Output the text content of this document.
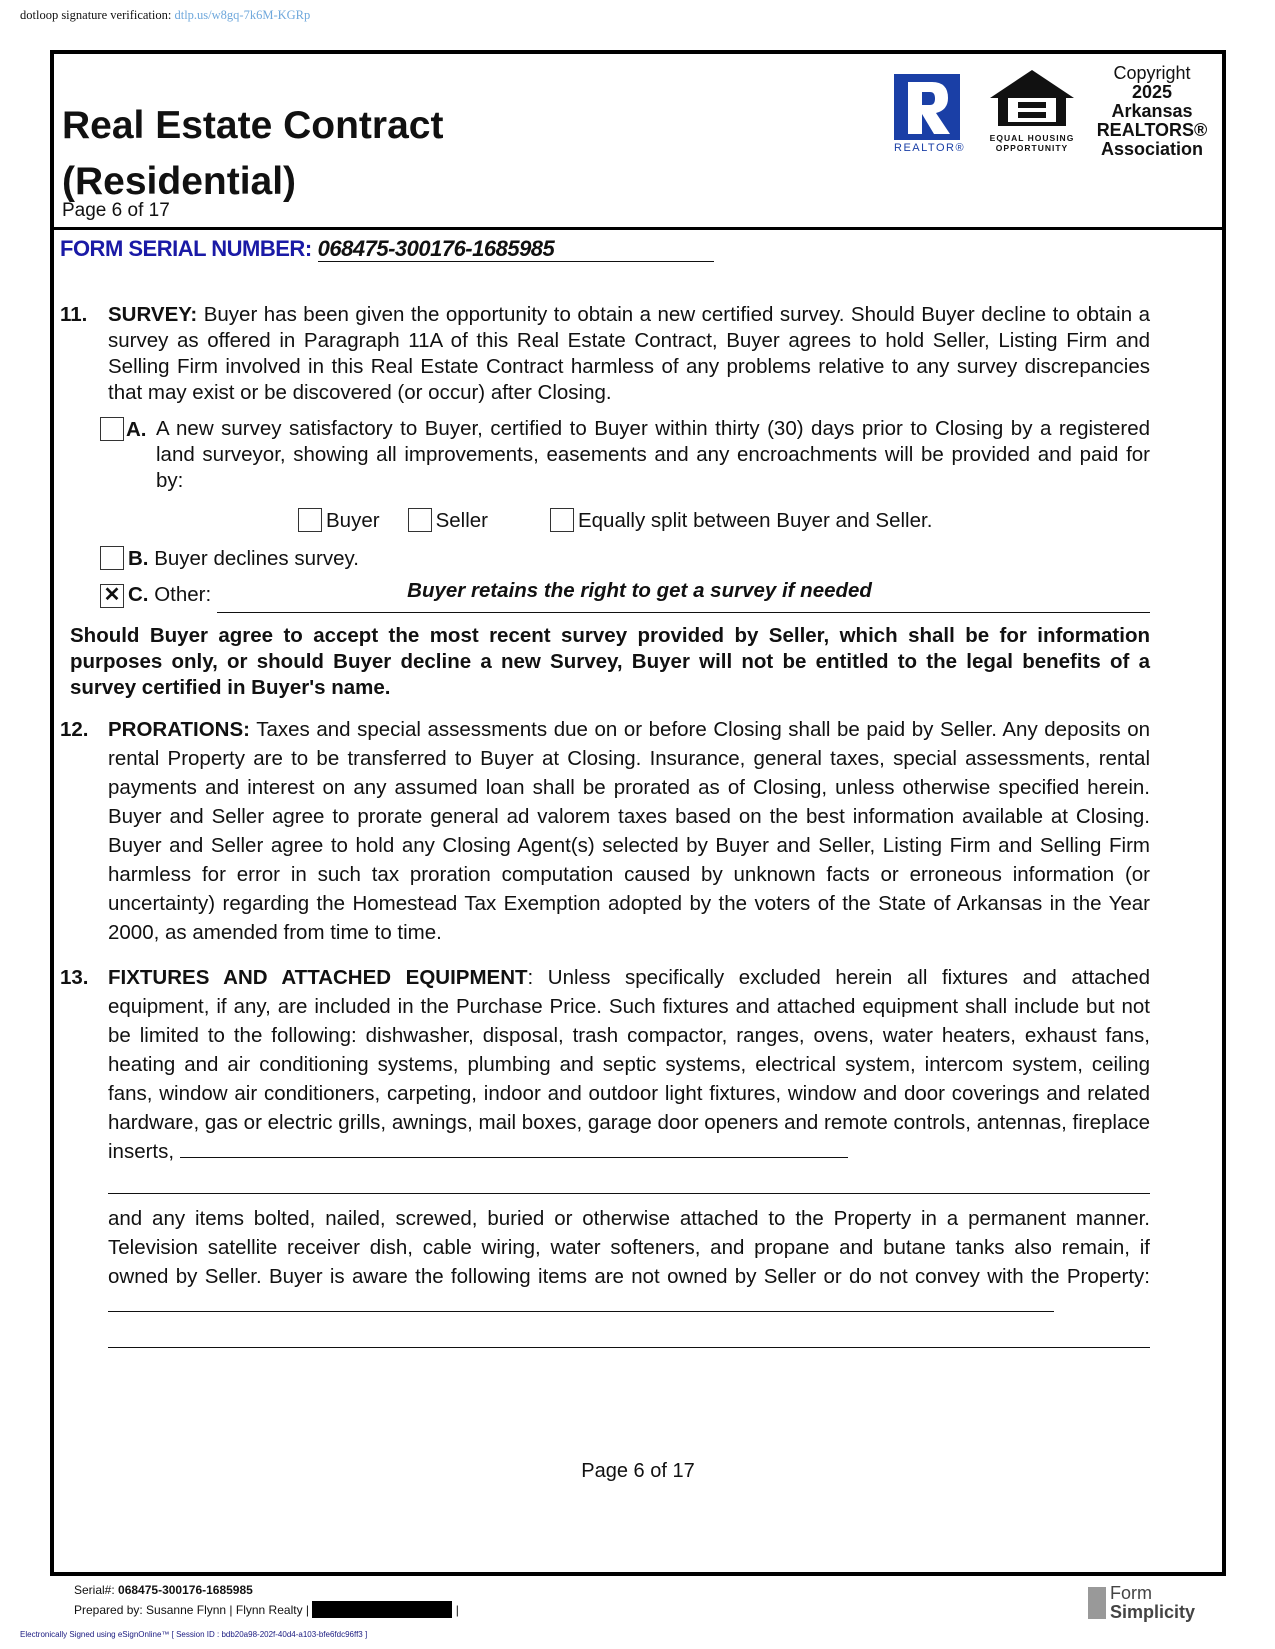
dotloop signature verification: dtlp.us/w8gq-7k6M-KGRp
Real Estate Contract
(Residential)
Page 6 of 17
REALTOR®
EQUAL HOUSING
OPPORTUNITY
Copyright
2025
Arkansas
REALTORS®
Association
FORM SERIAL NUMBER: 068475-300176-1685985
11. SURVEY: Buyer has been given the opportunity to obtain a new certified survey. Should Buyer decline to obtain a survey as offered in Paragraph 11A of this Real Estate Contract, Buyer agrees to hold Seller, Listing Firm and Selling Firm involved in this Real Estate Contract harmless of any problems relative to any survey discrepancies that may exist or be discovered (or occur) after Closing.
A. A new survey satisfactory to Buyer, certified to Buyer within thirty (30) days prior to Closing by a registered land surveyor, showing all improvements, easements and any encroachments will be provided and paid for by:
Buyer	Seller	Equally split between Buyer and Seller.
B. Buyer declines survey.
✕ C.
Other:	Buyer retains the right to get a survey if needed
Should Buyer agree to accept the most recent survey provided by Seller, which shall be for information purposes only, or should Buyer decline a new Survey, Buyer will not be entitled to the legal benefits of a survey certified in Buyer's name.
12. PRORATIONS: Taxes and special assessments due on or before Closing shall be paid by Seller. Any deposits on rental Property are to be transferred to Buyer at Closing. Insurance, general taxes, special assessments, rental payments and interest on any assumed loan shall be prorated as of Closing, unless otherwise specified herein. Buyer and Seller agree to prorate general ad valorem taxes based on the best information available at Closing. Buyer and Seller agree to hold any Closing Agent(s) selected by Buyer and Seller, Listing Firm and Selling Firm harmless for error in such tax proration computation caused by unknown facts or erroneous information (or uncertainty) regarding the Homestead Tax Exemption adopted by the voters of the State of Arkansas in the Year 2000, as amended from time to time.
13. FIXTURES AND ATTACHED EQUIPMENT: Unless specifically excluded herein all fixtures and attached equipment, if any, are included in the Purchase Price. Such fixtures and attached equipment shall include but not be limited to the following: dishwasher, disposal, trash compactor, ranges, ovens, water heaters, exhaust fans, heating and air conditioning systems, plumbing and septic systems, electrical system, intercom system, ceiling fans, window air conditioners, carpeting, indoor and outdoor light fixtures, window and door coverings and related hardware, gas or electric grills, awnings, mail boxes, garage door openers and remote controls, antennas, fireplace inserts,
and any items bolted, nailed, screwed, buried or otherwise attached to the Property in a permanent manner. Television satellite receiver dish, cable wiring, water softeners, and propane and butane tanks also remain, if owned by Seller. Buyer is aware the following items are not owned by Seller or do not convey with the Property:
Page 6 of 17
Serial#: 068475-300176-1685985
Prepared by: Susanne Flynn | Flynn Realty |	|
Electronically Signed using eSignOnline™ [ Session ID : bdb20a98-202f-40d4-a103-bfe6fdc96ff3 ]
Form
Simplicity
